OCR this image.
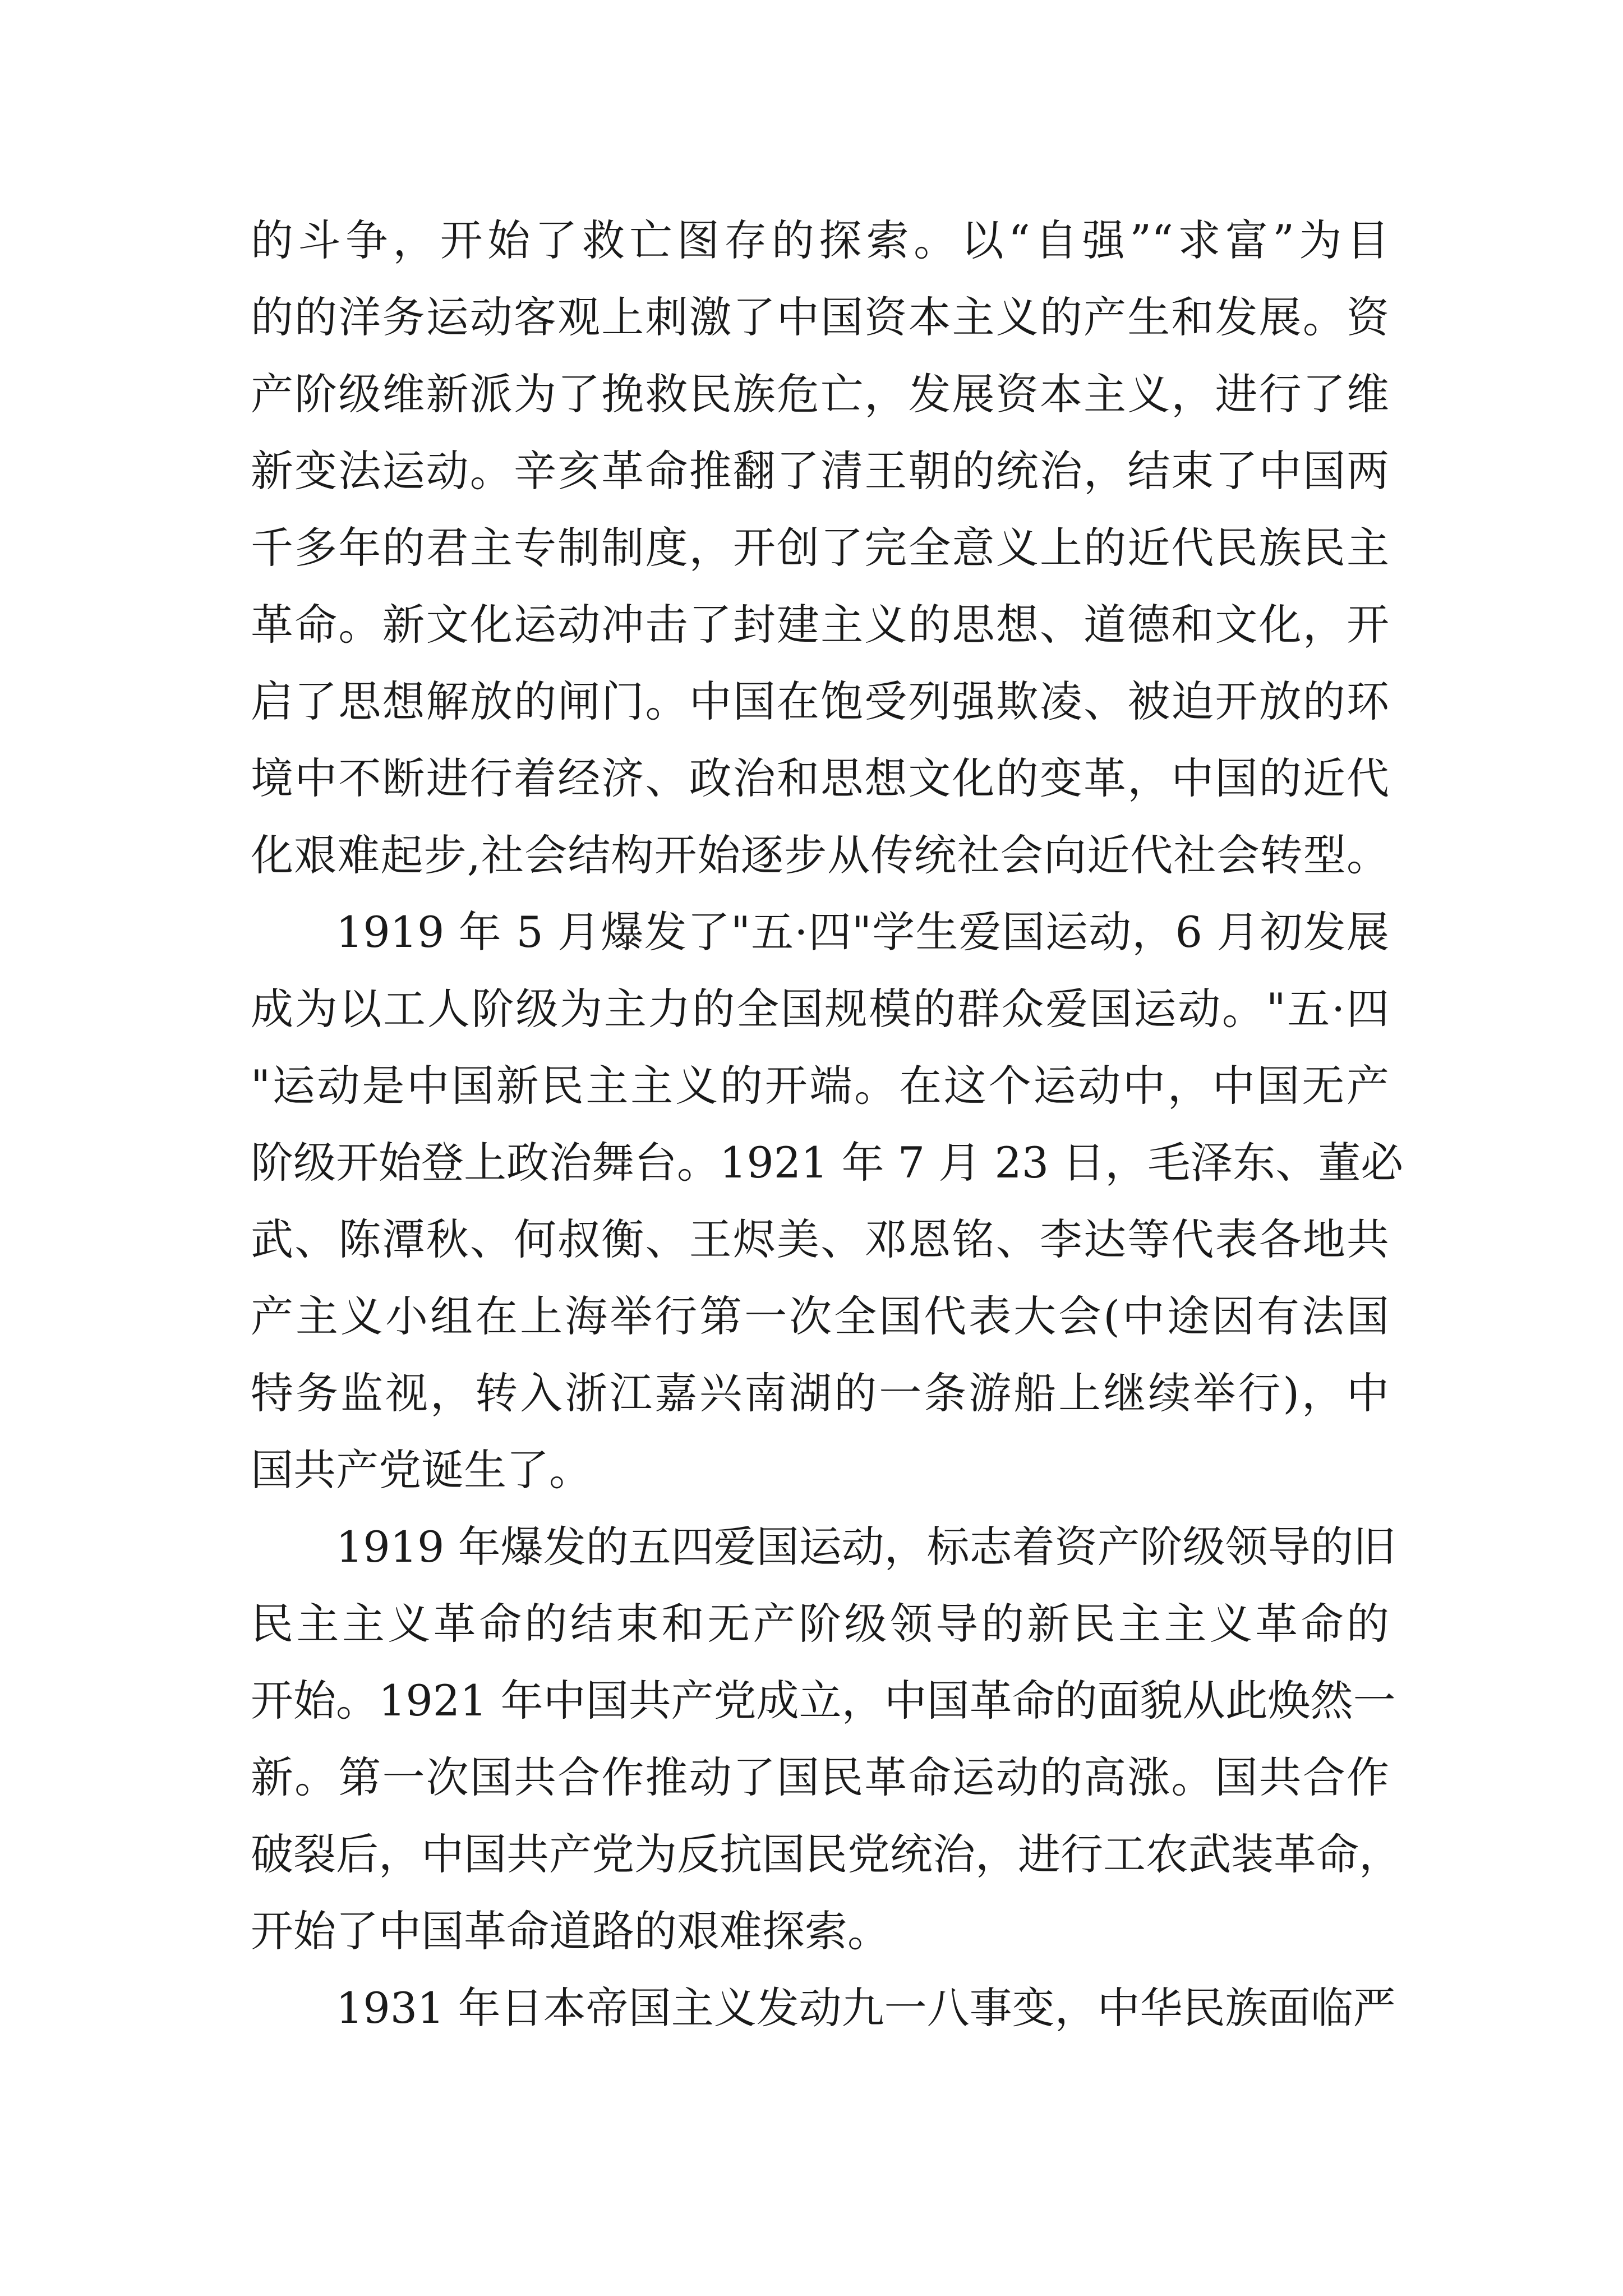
的斗争，开始了救亡图存的探索。以“自强”“求富”为目
的的洋务运动客观上刺激了中国资本主义的产生和发展。资
产阶级维新派为了挽救民族危亡，发展资本主义，进行了维
新变法运动。辛亥革命推翻了清王朝的统治，结束了中国两
千多年的君主专制制度，开创了完全意义上的近代民族民主
革命。新文化运动冲击了封建主义的思想、道德和文化，开
启了思想解放的闸门。中国在饱受列强欺凌、被迫开放的环
境中不断进行着经济、政治和思想文化的变革，中国的近代
化艰难起步,社会结构开始逐步从传统社会向近代社会转型。
1919 年 5 月爆发了"五·四"学生爱国运动，6 月初发展
成为以工人阶级为主力的全国规模的群众爱国运动。"五·四
"运动是中国新民主主义的开端。在这个运动中，中国无产
阶级开始登上政治舞台。1921 年 7 月 23 日，毛泽东、董必
武、陈潭秋、何叔衡、王烬美、邓恩铭、李达等代表各地共
产主义小组在上海举行第一次全国代表大会(中途因有法国
特务监视，转入浙江嘉兴南湖的一条游船上继续举行)，中
国共产党诞生了。
1919 年爆发的五四爱国运动，标志着资产阶级领导的旧
民主主义革命的结束和无产阶级领导的新民主主义革命的
开始。1921 年中国共产党成立，中国革命的面貌从此焕然一
新。第一次国共合作推动了国民革命运动的高涨。国共合作
破裂后，中国共产党为反抗国民党统治，进行工农武装革命，
开始了中国革命道路的艰难探索。
1931 年日本帝国主义发动九一八事变，中华民族面临严
